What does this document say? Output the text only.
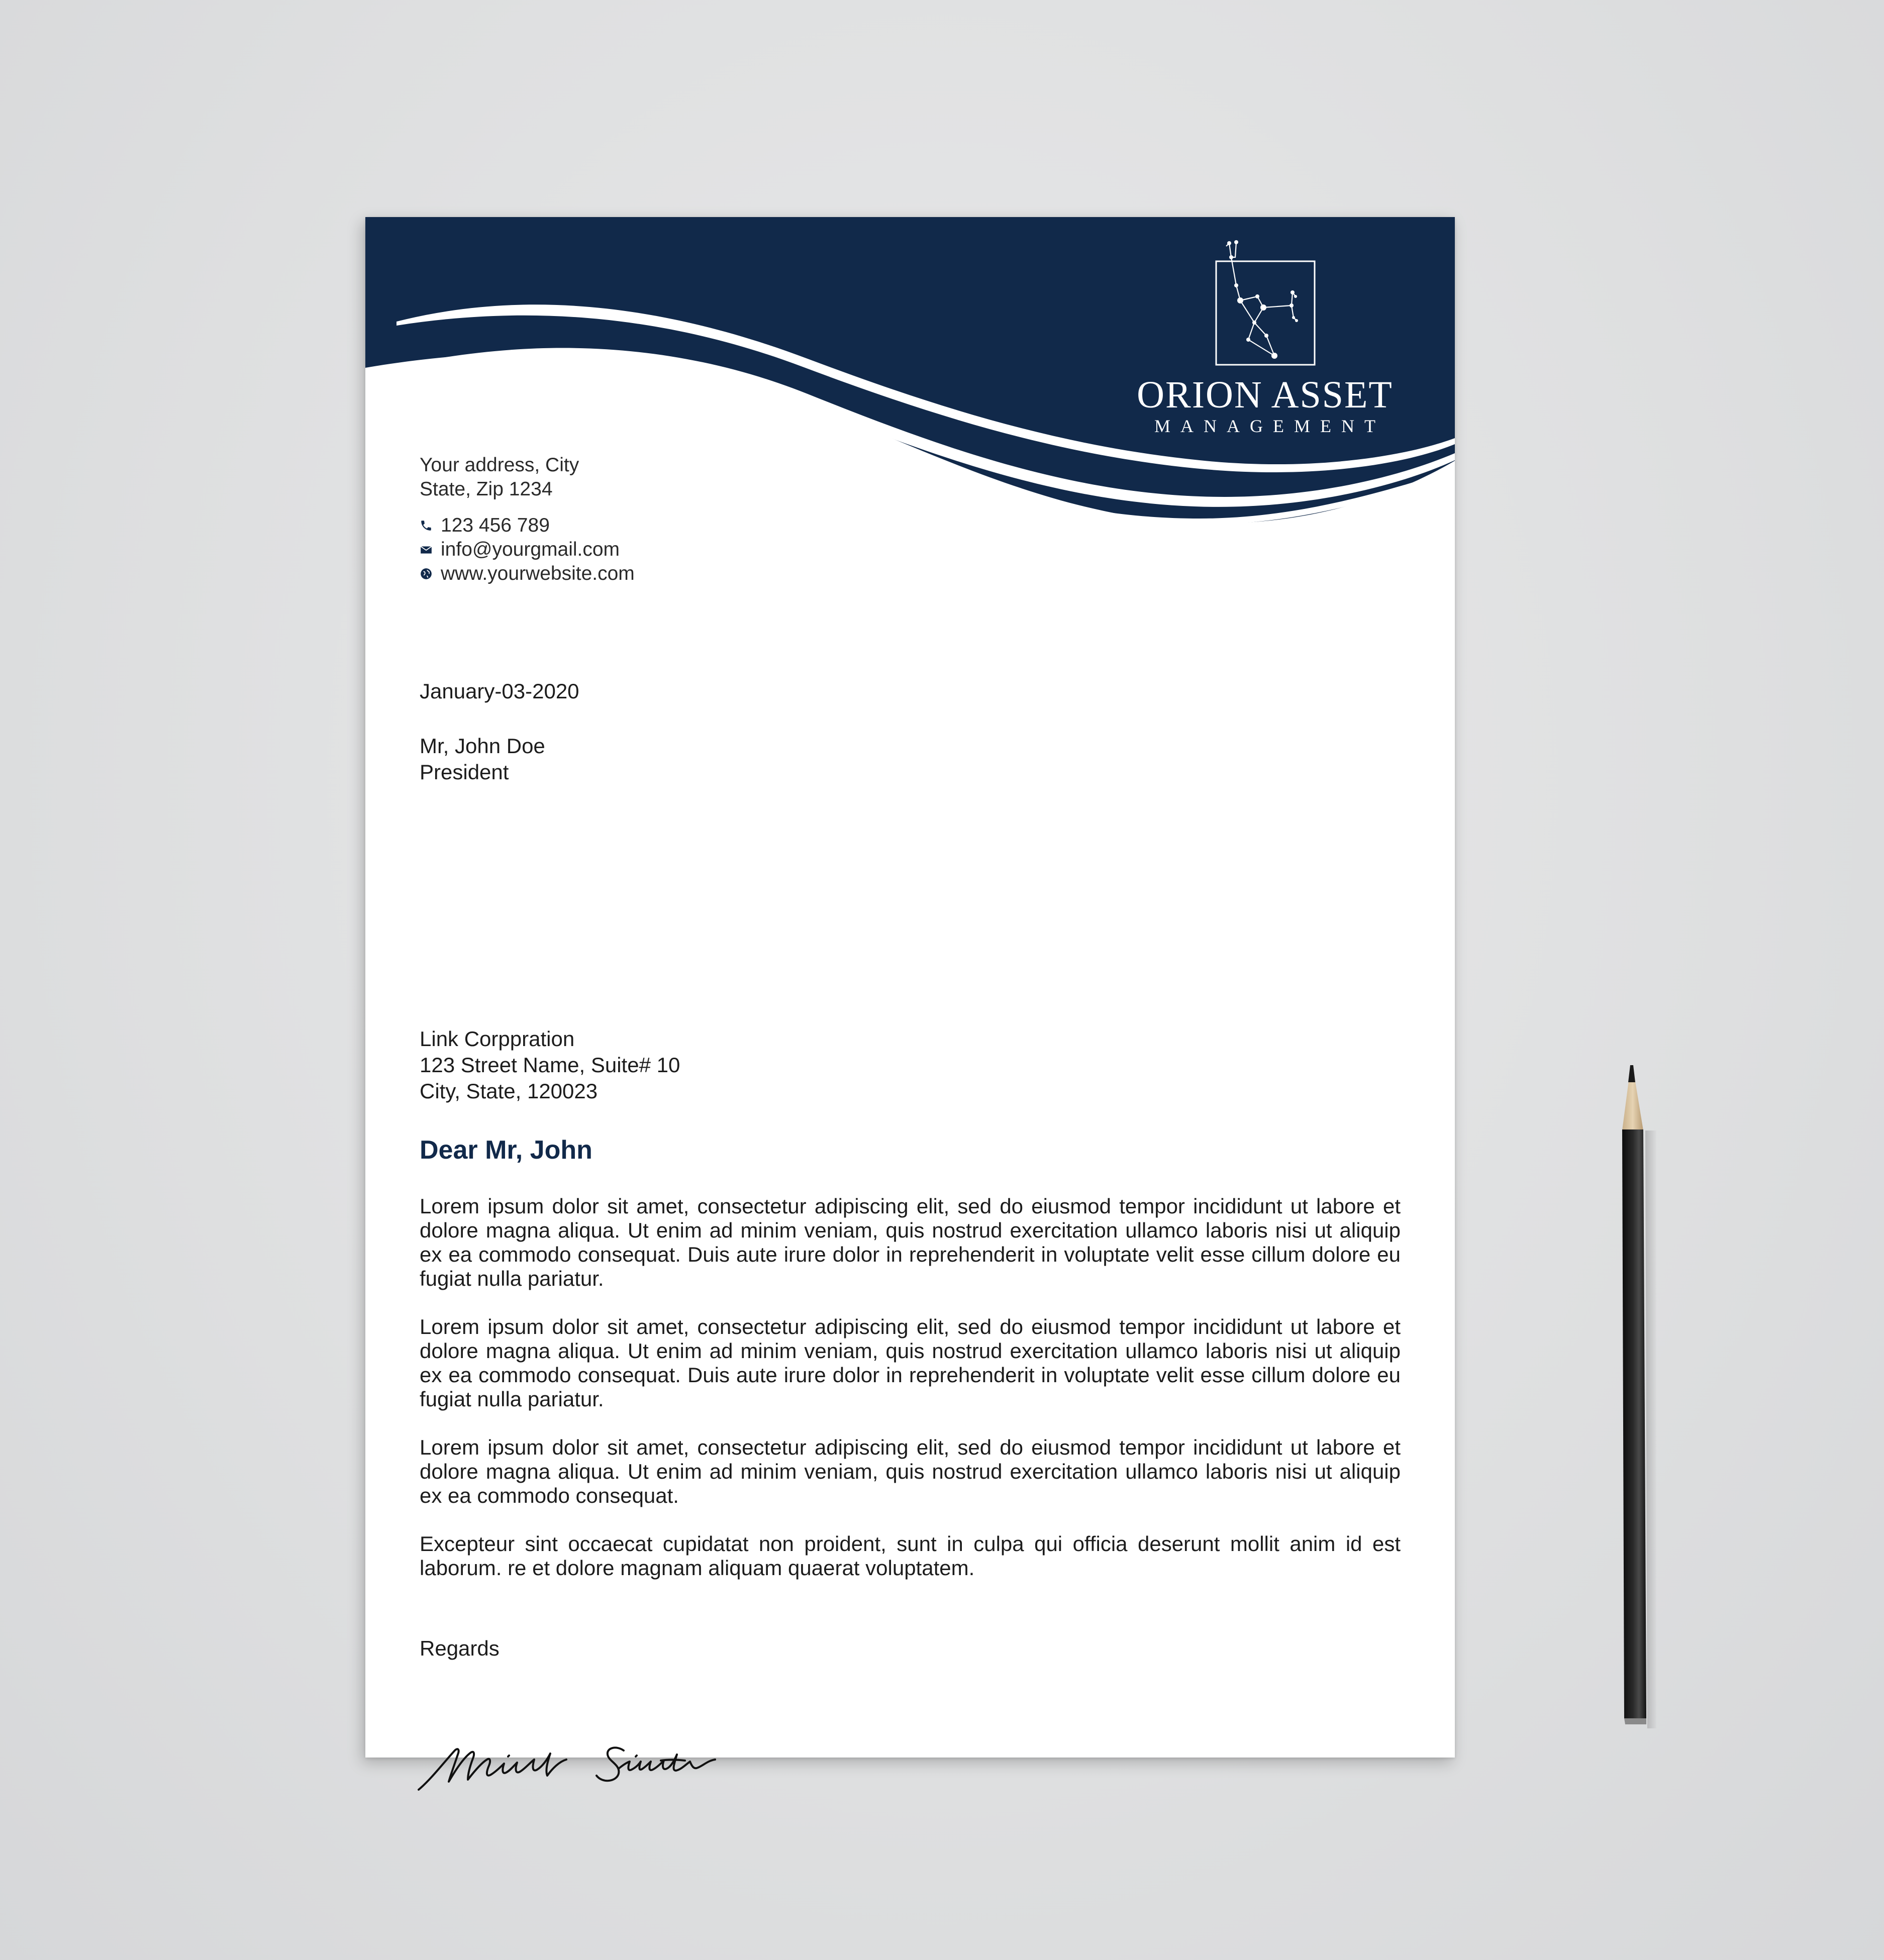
ORION ASSET
MANAGEMENT
Your address, City
State, Zip 1234
123 456 789
info@yourgmail.com
www.yourwebsite.com
January-03-2020
Mr, John Doe
President
Link Corppration
123 Street Name, Suite# 10
City, State, 120023
Dear Mr, John

Lorem ipsum dolor sit amet, consectetur adipiscing elit, sed do eiusmod tempor incididunt ut labore et dolore magna aliqua. Ut enim ad minim veniam, quis nostrud exercitation ullamco laboris nisi ut aliquip ex ea commodo consequat. Duis aute irure dolor in reprehenderit in voluptate velit esse cillum dolore eu fugiat nulla pariatur.

Lorem ipsum dolor sit amet, consectetur adipiscing elit, sed do eiusmod tempor incididunt ut labore et dolore magna aliqua. Ut enim ad minim veniam, quis nostrud exercitation ullamco laboris nisi ut aliquip ex ea commodo consequat. Duis aute irure dolor in reprehenderit in voluptate velit esse cillum dolore eu fugiat nulla pariatur.

Lorem ipsum dolor sit amet, consectetur adipiscing elit, sed do eiusmod tempor incididunt ut labore et dolore magna aliqua. Ut enim ad minim veniam, quis nostrud exercitation ullamco laboris nisi ut aliquip ex ea commodo consequat.

Excepteur sint occaecat cupidatat non proident, sunt in culpa qui officia deserunt mollit anim id est laborum. re et dolore magnam aliquam quaerat voluptatem.

Regards
